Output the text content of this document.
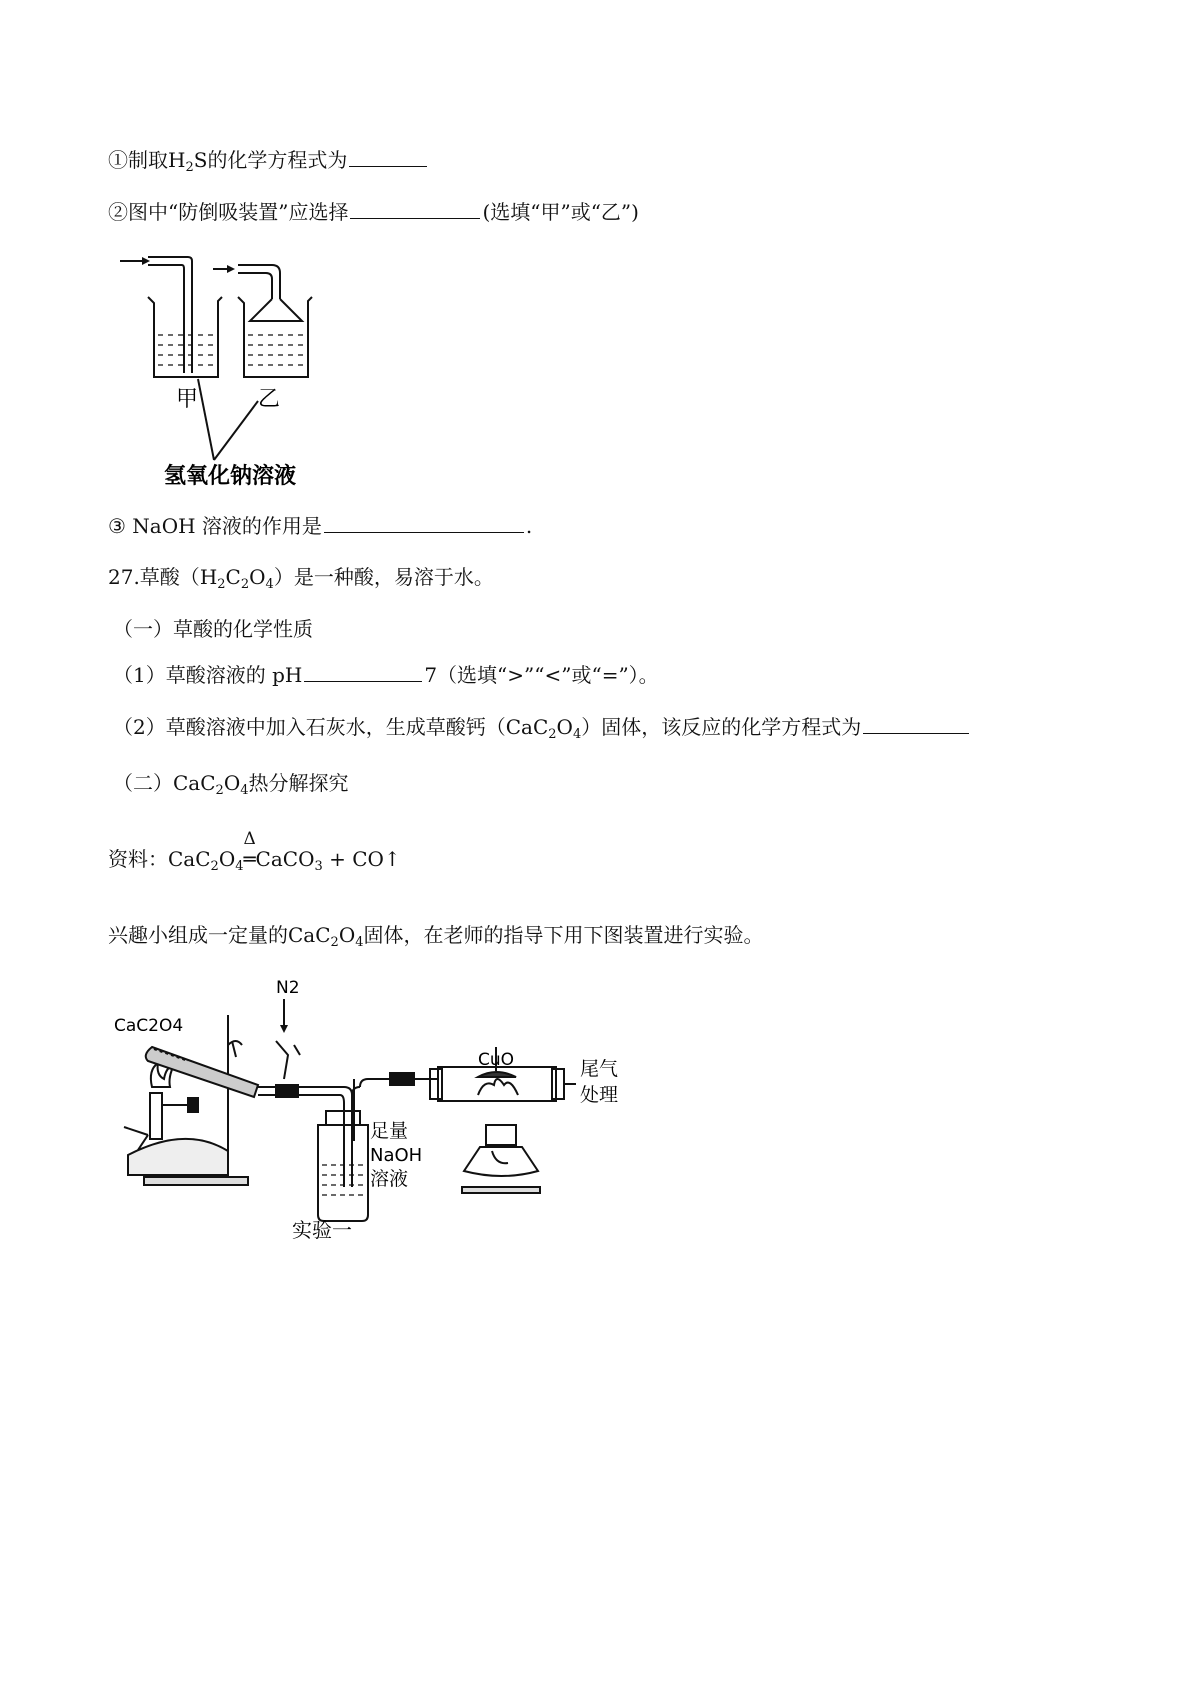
①制取$H_2S$的化学方程式为
②图中“防倒吸装置”应选择	(选填“甲”或“乙”)
甲	乙
氢氧化钠溶液
③ NaOH 溶液的作用是	.
27.草酸$(H_2C_2O_4)$是一种酸，易溶于水。
（一）草酸的化学性质
（1）草酸溶液的 pH	7（选填“>”“<”或“=”）。
（2）草酸溶液中加入石灰水，生成草酸钙$(CaC_2O_4)$固体，该反应的化学方程式为
（二）$CaC_2O_4$热分解探究
资料：$CaC_2O_4$
Δ
═CaCO$_3$ + CO↑
兴趣小组成一定量的$CaC_2O_4$固体，在老师的指导下用下图装置进行实验。
CaC2O4
N2
CuO	尾气
处理
足量
NaOH
溶液
实验一
